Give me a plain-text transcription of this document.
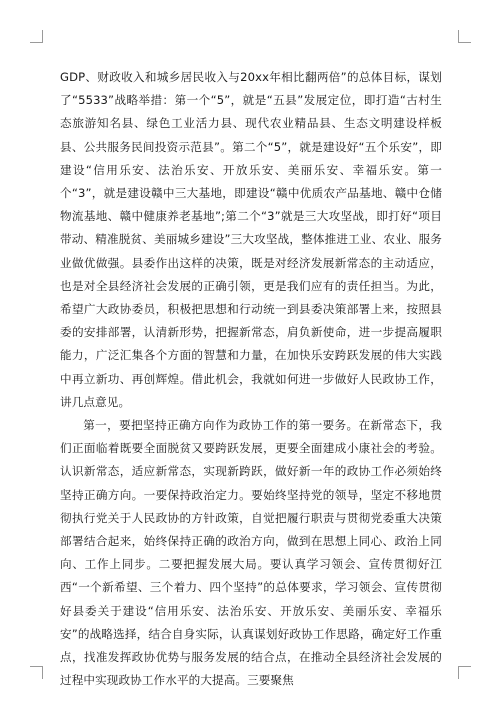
GDP、财政收入和城乡居民收入与20xx年相比翻两倍”的总体目标，谋划了“5533”战略举措：第一个“5”，就是“五县”发展定位，即打造“古村生态旅游知名县、绿色工业活力县、现代农业精品县、生态文明建设样板县、公共服务民间投资示范县”。第二个“5”，就是建设好“五个乐安”，即建设“信用乐安、法治乐安、开放乐安、美丽乐安、幸福乐安。第一个“3”，就是建设赣中三大基地，即建设“赣中优质农产品基地、赣中仓储物流基地、赣中健康养老基地”;第二个“3”就是三大攻坚战，即打好“项目带动、精准脱贫、美丽城乡建设”三大攻坚战，整体推进工业、农业、服务业做优做强。县委作出这样的决策，既是对经济发展新常态的主动适应，也是对全县经济社会发展的正确引领，更是我们应有的责任担当。为此，希望广大政协委员，积极把思想和行动统一到县委决策部署上来，按照县委的安排部署，认清新形势，把握新常态，肩负新使命，进一步提高履职能力，广泛汇集各个方面的智慧和力量，在加快乐安跨跃发展的伟大实践中再立新功、再创辉煌。借此机会，我就如何进一步做好人民政协工作，讲几点意见。

第一，要把坚持正确方向作为政协工作的第一要务。在新常态下，我们正面临着既要全面脱贫又要跨跃发展，更要全面建成小康社会的考验。认识新常态，适应新常态，实现新跨跃，做好新一年的政协工作必须始终坚持正确方向。一要保持政治定力。要始终坚持党的领导，坚定不移地贯彻执行党关于人民政协的方针政策，自觉把履行职责与贯彻党委重大决策部署结合起来，始终保持正确的政治方向，做到在思想上同心、政治上同向、工作上同步。二要把握发展大局。要认真学习领会、宣传贯彻好江西“一个新希望、三个着力、四个坚持”的总体要求，学习领会、宣传贯彻好县委关于建设“信用乐安、法治乐安、开放乐安、美丽乐安、幸福乐安”的战略选择，结合自身实际，认真谋划好政协工作思路，确定好工作重点，找准发挥政协优势与服务发展的结合点，在推动全县经济社会发展的过程中实现政协工作水平的大提高。三要聚焦
